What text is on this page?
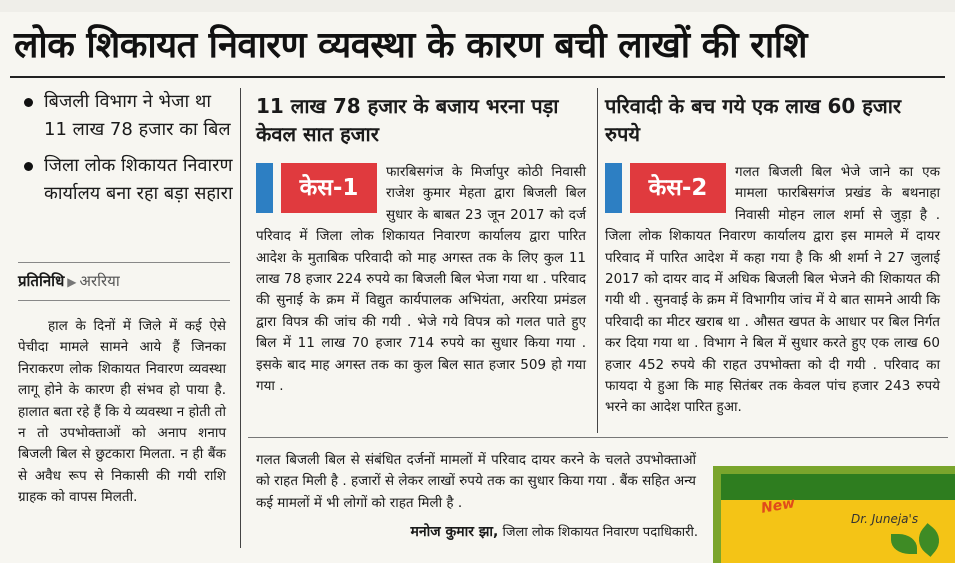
लोक शिकायत निवारण व्यवस्था के कारण बची लाखों की राशि
बिजली विभाग ने भेजा था 11 लाख 78 हजार का बिल
जिला लोक शिकायत निवारण कार्यालय बना रहा बड़ा सहारा
प्रतिनिधि ▶ अररिया
हाल के दिनों में जिले में कई ऐसे पेचीदा मामले सामने आये हैं जिनका निराकरण लोक शिकायत निवारण व्यवस्था लागू होने के कारण ही संभव हो पाया है. हालात बता रहे हैं कि ये व्यवस्था न होती तो न तो उपभोक्ताओं को अनाप शनाप बिजली बिल से छुटकारा मिलता. न ही बैंक से अवैध रूप से निकासी की गयी राशि ग्राहक को वापस मिलती.
11 लाख 78 हजार के बजाय भरना पड़ा केवल सात हजार
केस-1
फारबिसगंज के मिर्जापुर कोठी निवासी राजेश कुमार मेहता द्वारा बिजली बिल सुधार के बाबत 23 जून 2017 को दर्ज परिवाद में जिला लोक शिकायत निवारण कार्यालय द्वारा पारित आदेश के मुताबिक परिवादी को माह अगस्त तक के लिए कुल 11 लाख 78 हजार 224 रुपये का बिजली बिल भेजा गया था . परिवाद की सुनाई के क्रम में विद्युत कार्यपालक अभियंता, अररिया प्रमंडल द्वारा विपत्र की जांच की गयी . भेजे गये विपत्र को गलत पाते हुए बिल में 11 लाख 70 हजार 714 रुपये का सुधार किया गया . इसके बाद माह अगस्त तक का कुल बिल सात हजार 509 हो गया गया .
परिवादी के बच गये एक लाख 60 हजार रुपये
केस-2
गलत बिजली बिल भेजे जाने का एक मामला फारबिसगंज प्रखंड के बथनाहा निवासी मोहन लाल शर्मा से जुड़ा है . जिला लोक शिकायत निवारण कार्यालय द्वारा इस मामले में दायर परिवाद में पारित आदेश में कहा गया है कि श्री शर्मा ने 27 जुलाई 2017 को दायर वाद में अधिक बिजली बिल भेजने की शिकायत की गयी थी . सुनवाई के क्रम में विभागीय जांच में ये बात सामने आयी कि परिवादी का मीटर खराब था . औसत खपत के आधार पर बिल निर्गत कर दिया गया था . विभाग ने बिल में सुधार करते हुए एक लाख 60 हजार 452 रुपये की राहत उपभोक्ता को दी गयी . परिवाद का फायदा ये हुआ कि माह सितंबर तक केवल पांच हजार 243 रुपये भरने का आदेश पारित हुआ.
गलत बिजली बिल से संबंधित दर्जनों मामलों में परिवाद दायर करने के चलते उपभोक्ताओं को राहत मिली है . हजारों से लेकर लाखों रुपये तक का सुधार किया गया . बैंक सहित अन्य कई मामलों में भी लोगों को राहत मिली है .
मनोज कुमार झा, जिला लोक शिकायत निवारण पदाधिकारी.
New
Dr. Juneja's
